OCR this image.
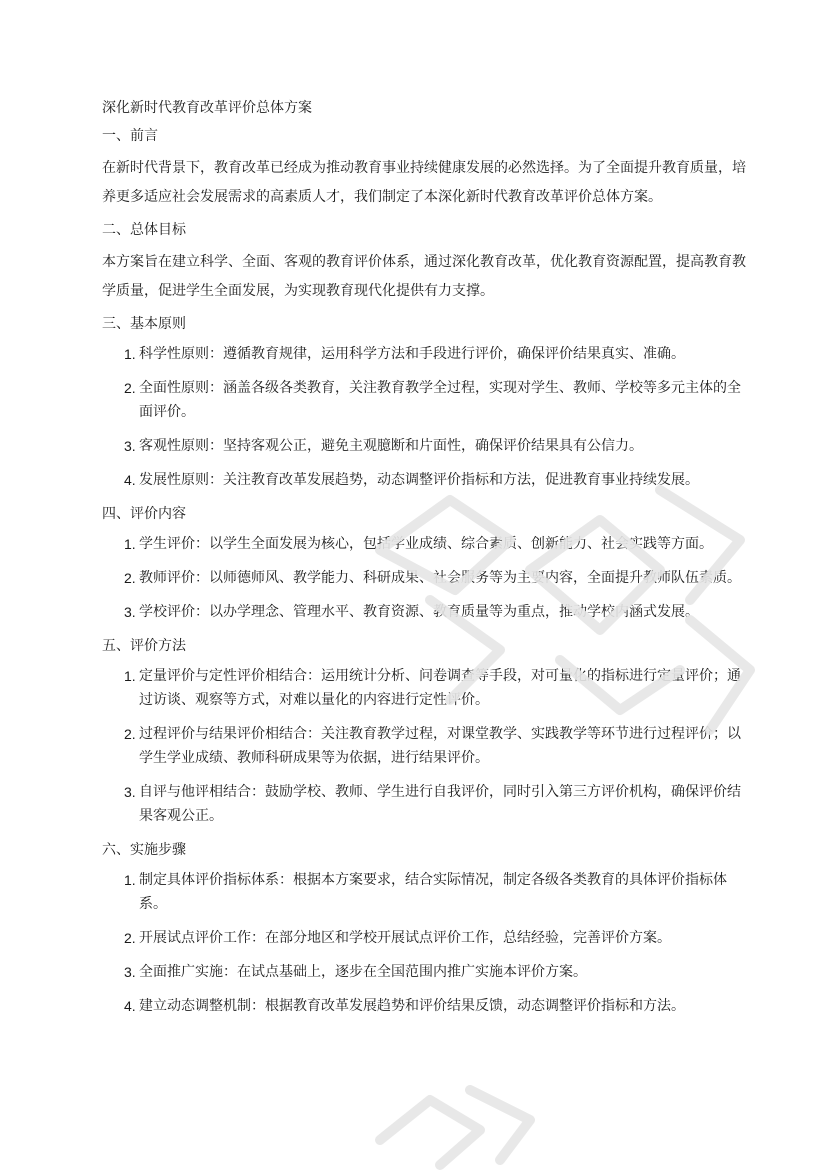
深化新时代教育改革评价总体方案
一、前言

在新时代背景下，教育改革已经成为推动教育事业持续健康发展的必然选择。为了全面提升教育质量，培养更多适应社会发展需求的高素质人才，我们制定了本深化新时代教育改革评价总体方案。

二、总体目标

本方案旨在建立科学、全面、客观的教育评价体系，通过深化教育改革，优化教育资源配置，提高教育教学质量，促进学生全面发展，为实现教育现代化提供有力支撑。

三、基本原则
1. 科学性原则：遵循教育规律，运用科学方法和手段进行评价，确保评价结果真实、准确。
2. 全面性原则：涵盖各级各类教育，关注教育教学全过程，实现对学生、教师、学校等多元主体的全面评价。
3. 客观性原则：坚持客观公正，避免主观臆断和片面性，确保评价结果具有公信力。
4. 发展性原则：关注教育改革发展趋势，动态调整评价指标和方法，促进教育事业持续发展。
四、评价内容
1. 学生评价：以学生全面发展为核心，包括学业成绩、综合素质、创新能力、社会实践等方面。
2. 教师评价：以师德师风、教学能力、科研成果、社会服务等为主要内容，全面提升教师队伍素质。
3. 学校评价：以办学理念、管理水平、教育资源、教育质量等为重点，推动学校内涵式发展。
五、评价方法
1. 定量评价与定性评价相结合：运用统计分析、问卷调查等手段，对可量化的指标进行定量评价；通过访谈、观察等方式，对难以量化的内容进行定性评价。
2. 过程评价与结果评价相结合：关注教育教学过程，对课堂教学、实践教学等环节进行过程评价；以学生学业成绩、教师科研成果等为依据，进行结果评价。
3. 自评与他评相结合：鼓励学校、教师、学生进行自我评价，同时引入第三方评价机构，确保评价结果客观公正。
六、实施步骤
1. 制定具体评价指标体系：根据本方案要求，结合实际情况，制定各级各类教育的具体评价指标体系。
2. 开展试点评价工作：在部分地区和学校开展试点评价工作，总结经验，完善评价方案。
3. 全面推广实施：在试点基础上，逐步在全国范围内推广实施本评价方案。
4. 建立动态调整机制：根据教育改革发展趋势和评价结果反馈，动态调整评价指标和方法。
